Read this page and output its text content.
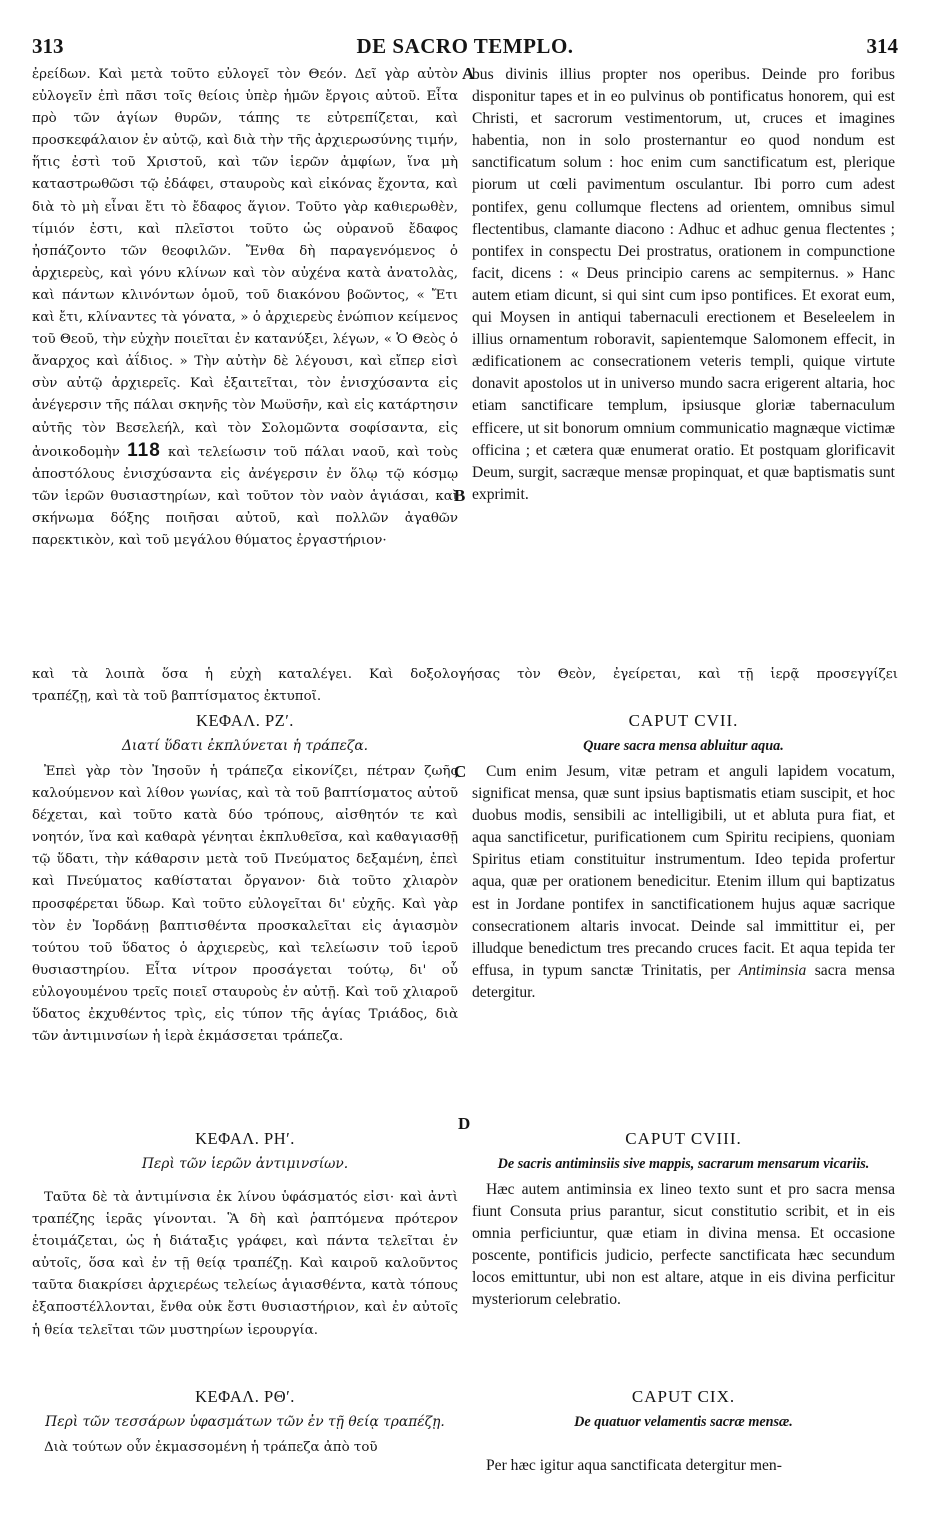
313	DE SACRO TEMPLO.	314
A
B
C
D

ἐρείδων. Καὶ μετὰ τοῦτο εὐλογεῖ τὸν Θεόν. Δεῖ γὰρ αὐτὸν εὐλογεῖν ἐπὶ πᾶσι τοῖς θείοις ὑπὲρ ἡμῶν ἔργοις αὐτοῦ. Εἶτα πρὸ τῶν ἁγίων θυρῶν, τάπης τε εὐτρεπίζεται, καὶ προσκεφάλαιον ἐν αὐτῷ, καὶ διὰ τὴν τῆς ἀρχιερωσύνης τιμήν, ἥτις ἐστὶ τοῦ Χριστοῦ, καὶ τῶν ἱερῶν ἀμφίων, ἵνα μὴ καταστρωθῶσι τῷ ἐδάφει, σταυροὺς καὶ εἰκόνας ἔχοντα, καὶ διὰ τὸ μὴ εἶναι ἔτι τὸ ἔδαφος ἅγιον. Τοῦτο γὰρ καθιερωθὲν, τίμιόν ἐστι, καὶ πλεῖστοι τοῦτο ὡς οὐρανοῦ ἔδαφος ἠσπάζοντο τῶν θεοφιλῶν. Ἔνθα δὴ παραγενόμενος ὁ ἀρχιερεὺς, καὶ γόνυ κλίνων καὶ τὸν αὐχένα κατὰ ἀνατολὰς, καὶ πάντων κλινόντων ὁμοῦ, τοῦ διακόνου βοῶντος, « Ἔτι καὶ ἔτι, κλίναντες τὰ γόνατα, » ὁ ἀρχιερεὺς ἐνώπιον κείμενος τοῦ Θεοῦ, τὴν εὐχὴν ποιεῖται ἐν κατανύξει, λέγων, « Ὁ Θεὸς ὁ ἄναρχος καὶ ἀΐδιος. » Τὴν αὐτὴν δὲ λέγουσι, καὶ εἴπερ εἰσὶ σὺν αὐτῷ ἀρχιερεῖς. Καὶ ἐξαιτεῖται, τὸν ἐνισχύσαντα εἰς ἀνέγερσιν τῆς πάλαι σκηνῆς τὸν Μωϋσῆν, καὶ εἰς κατάρτησιν αὐτῆς τὸν Βεσελεήλ, καὶ τὸν Σολομῶντα σοφίσαντα, εἰς ἀνοικοδομὴν 118 καὶ τελείωσιν τοῦ πάλαι ναοῦ, καὶ τοὺς ἀποστόλους ἐνισχύσαντα εἰς ἀνέγερσιν ἐν ὅλῳ τῷ κόσμῳ τῶν ἱερῶν θυσιαστηρίων, καὶ τοῦτον τὸν ναὸν ἁγιάσαι, καὶ σκήνωμα δόξης ποιῆσαι αὐτοῦ, καὶ πολλῶν ἀγαθῶν παρεκτικὸν, καὶ τοῦ μεγάλου θύματος ἐργαστήριον·

bus divinis illius propter nos operibus. Deinde pro foribus disponitur tapes et in eo pulvinus ob pontificatus honorem, qui est Christi, et sacrorum vestimentorum, ut, cruces et imagines habentia, non in solo prosternantur eo quod nondum est sanctificatum solum : hoc enim cum sanctificatum est, plerique piorum ut cœli pavimentum osculantur. Ibi porro cum adest pontifex, genu collumque flectens ad orientem, omnibus simul flectentibus, clamante diacono : Adhuc et adhuc genua flectentes ; pontifex in conspectu Dei prostratus, orationem in compunctione facit, dicens : « Deus principio carens ac sempiternus. » Hanc autem etiam dicunt, si qui sint cum ipso pontifices. Et exorat eum, qui Moysen in antiqui tabernaculi erectionem et Beseleelem in illius ornamentum roboravit, sapientemque Salomonem effecit, in ædificationem ac consecrationem veteris templi, quique virtute donavit apostolos ut in universo mundo sacra erigerent altaria, hoc etiam sanctificare templum, ipsiusque gloriæ tabernaculum efficere, ut sit bonorum omnium communicatio magnæque victimæ officina ; et cætera quæ enumerat oratio. Et postquam glorificavit Deum, surgit, sacræque mensæ propinquat, et quæ baptismatis sunt exprimit.

καὶ τὰ λοιπὰ ὅσα ἡ εὐχὴ καταλέγει. Καὶ δοξολογήσας τὸν Θεὸν, ἐγείρεται, καὶ τῇ ἱερᾷ προσεγγίζει

τραπέζῃ, καὶ τὰ τοῦ βαπτίσματος ἐκτυποῖ.

ΚΕΦΑΛ. ΡΖʹ.

Διατί ὕδατι ἐκπλύνεται ἡ τράπεζα.

Ἐπεὶ γὰρ τὸν Ἰησοῦν ἡ τράπεζα εἰκονίζει, πέτραν ζωῆς καλούμενον καὶ λίθον γωνίας, καὶ τὰ τοῦ βαπτίσματος αὐτοῦ δέχεται, καὶ τοῦτο κατὰ δύο τρόπους, αἰσθητόν τε καὶ νοητόν, ἵνα καὶ καθαρὰ γένηται ἐκπλυθεῖσα, καὶ καθαγιασθῇ τῷ ὕδατι, τὴν κάθαρσιν μετὰ τοῦ Πνεύματος δεξαμένη, ἐπεὶ καὶ Πνεύματος καθίσταται ὄργανον· διὰ τοῦτο χλιαρὸν προσφέρεται ὕδωρ. Καὶ τοῦτο εὐλογεῖται δι' εὐχῆς. Καὶ γὰρ τὸν ἐν Ἰορδάνῃ βαπτισθέντα προσκαλεῖται εἰς ἁγιασμὸν τούτου τοῦ ὕδατος ὁ ἀρχιερεὺς, καὶ τελείωσιν τοῦ ἱεροῦ θυσιαστηρίου. Εἶτα νίτρον προσάγεται τούτῳ, δι' οὗ εὐλογουμένου τρεῖς ποιεῖ σταυροὺς ἐν αὐτῇ. Καὶ τοῦ χλιαροῦ ὕδατος ἐκχυθέντος τρὶς, εἰς τύπον τῆς ἁγίας Τριάδος, διὰ τῶν ἀντιμινσίων ἡ ἱερὰ ἐκμάσσεται τράπεζα.

CAPUT CVII.

Quare sacra mensa abluitur aqua.

Cum enim Jesum, vitæ petram et anguli lapidem vocatum, significat mensa, quæ sunt ipsius baptismatis etiam suscipit, et hoc duobus modis, sensibili ac intelligibili, ut et abluta pura fiat, et aqua sanctificetur, purificationem cum Spiritu recipiens, quoniam Spiritus etiam constituitur instrumentum. Ideo tepida profertur aqua, quæ per orationem benedicitur. Etenim illum qui baptizatus est in Jordane pontifex in sanctificationem hujus aquæ sacrique consecrationem altaris invocat. Deinde sal immittitur ei, per illudque benedictum tres precando cruces facit. Et aqua tepida ter effusa, in typum sanctæ Trinitatis, per Antiminsia sacra mensa detergitur.

ΚΕΦΑΛ. ΡΗʹ.

Περὶ τῶν ἱερῶν ἀντιμινσίων.

Ταῦτα δὲ τὰ ἀντιμίνσια ἐκ λίνου ὑφάσματός εἰσι· καὶ ἀντὶ τραπέζης ἱερᾶς γίνονται. Ἃ δὴ καὶ ῥαπτόμενα πρότερον ἑτοιμάζεται, ὡς ἡ διάταξις γράφει, καὶ πάντα τελεῖται ἐν αὐτοῖς, ὅσα καὶ ἐν τῇ θείᾳ τραπέζῃ. Καὶ καιροῦ καλοῦντος ταῦτα διακρίσει ἀρχιερέως τελείως ἁγιασθέντα, κατὰ τόπους ἐξαποστέλλονται, ἔνθα οὐκ ἔστι θυσιαστήριον, καὶ ἐν αὐτοῖς ἡ θεία τελεῖται τῶν μυστηρίων ἱερουργία.

CAPUT CVIII.

De sacris antiminsiis sive mappis, sacrarum mensarum vicariis.

Hæc autem antiminsia ex lineo texto sunt et pro sacra mensa fiunt Consuta prius parantur, sicut constitutio scribit, et in eis omnia perficiuntur, quæ etiam in divina mensa. Et occasione poscente, pontificis judicio, perfecte sanctificata hæc secundum locos emittuntur, ubi non est altare, atque in eis divina perficitur mysteriorum celebratio.

ΚΕΦΑΛ. ΡΘʹ.

Περὶ τῶν τεσσάρων ὑφασμάτων τῶν ἐν τῇ θείᾳ τραπέζῃ.

Διὰ τούτων οὖν ἐκμασσομένη ἡ τράπεζα ἀπὸ τοῦ

CAPUT CIX.

De quatuor velamentis sacræ mensæ.

Per hæc igitur aqua sanctificata detergitur men-
